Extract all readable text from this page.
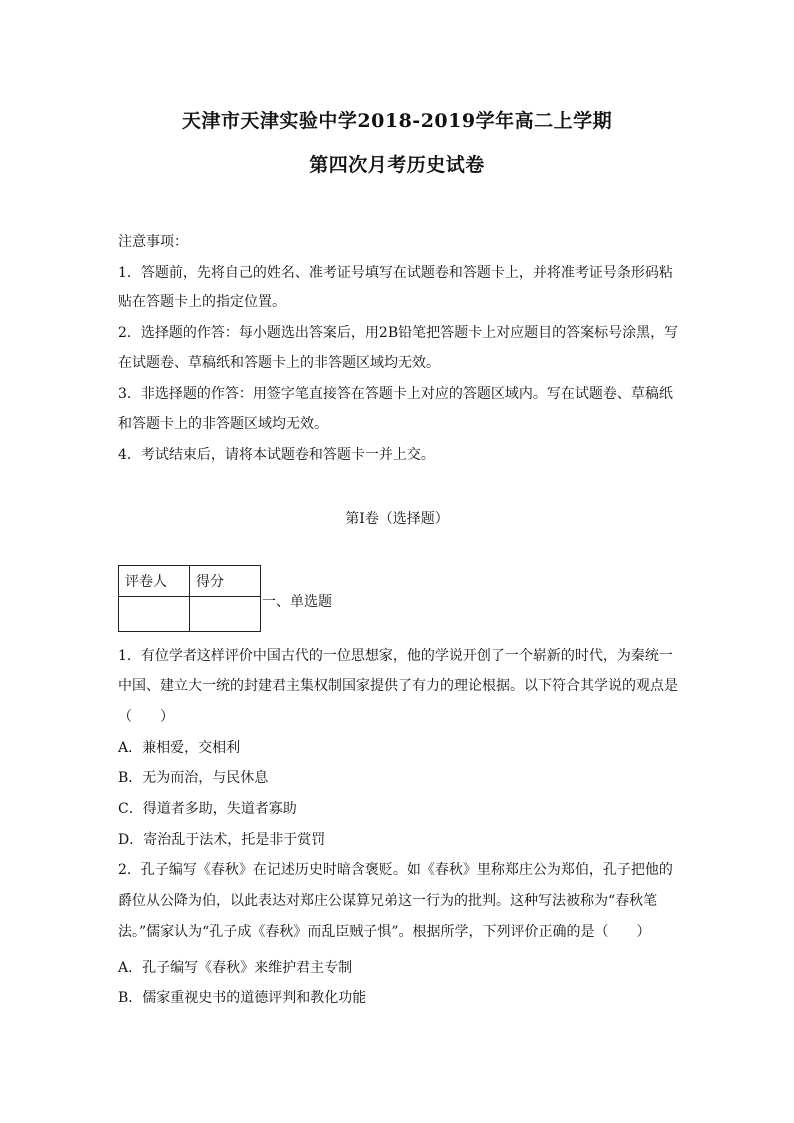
天津市天津实验中学2018-2019学年高二上学期
第四次月考历史试卷
注意事项：
1．答题前，先将自己的姓名、准考证号填写在试题卷和答题卡上，并将准考证号条形码粘
贴在答题卡上的指定位置。
2．选择题的作答：每小题选出答案后，用2B铅笔把答题卡上对应题目的答案标号涂黑，写
在试题卷、草稿纸和答题卡上的非答题区域均无效。
3．非选择题的作答：用签字笔直接答在答题卡上对应的答题区域内。写在试题卷、草稿纸
和答题卡上的非答题区域均无效。
4．考试结束后，请将本试题卷和答题卡一并上交。
第I卷（选择题）
评卷人	得分

一、单选题
1．有位学者这样评价中国古代的一位思想家，他的学说开创了一个崭新的时代，为秦统一
中国、建立大一统的封建君主集权制国家提供了有力的理论根据。以下符合其学说的观点是
（　　）
A．兼相爱，交相利
B．无为而治，与民休息
C．得道者多助，失道者寡助
D．寄治乱于法术，托是非于赏罚
2．孔子编写《春秋》在记述历史时暗含褒贬。如《春秋》里称郑庄公为郑伯，孔子把他的
爵位从公降为伯，以此表达对郑庄公谋算兄弟这一行为的批判。这种写法被称为“春秋笔
法。”儒家认为“孔子成《春秋》而乱臣贼子惧”。根据所学，下列评价正确的是（　　）
A．孔子编写《春秋》来维护君主专制
B．儒家重视史书的道德评判和教化功能
